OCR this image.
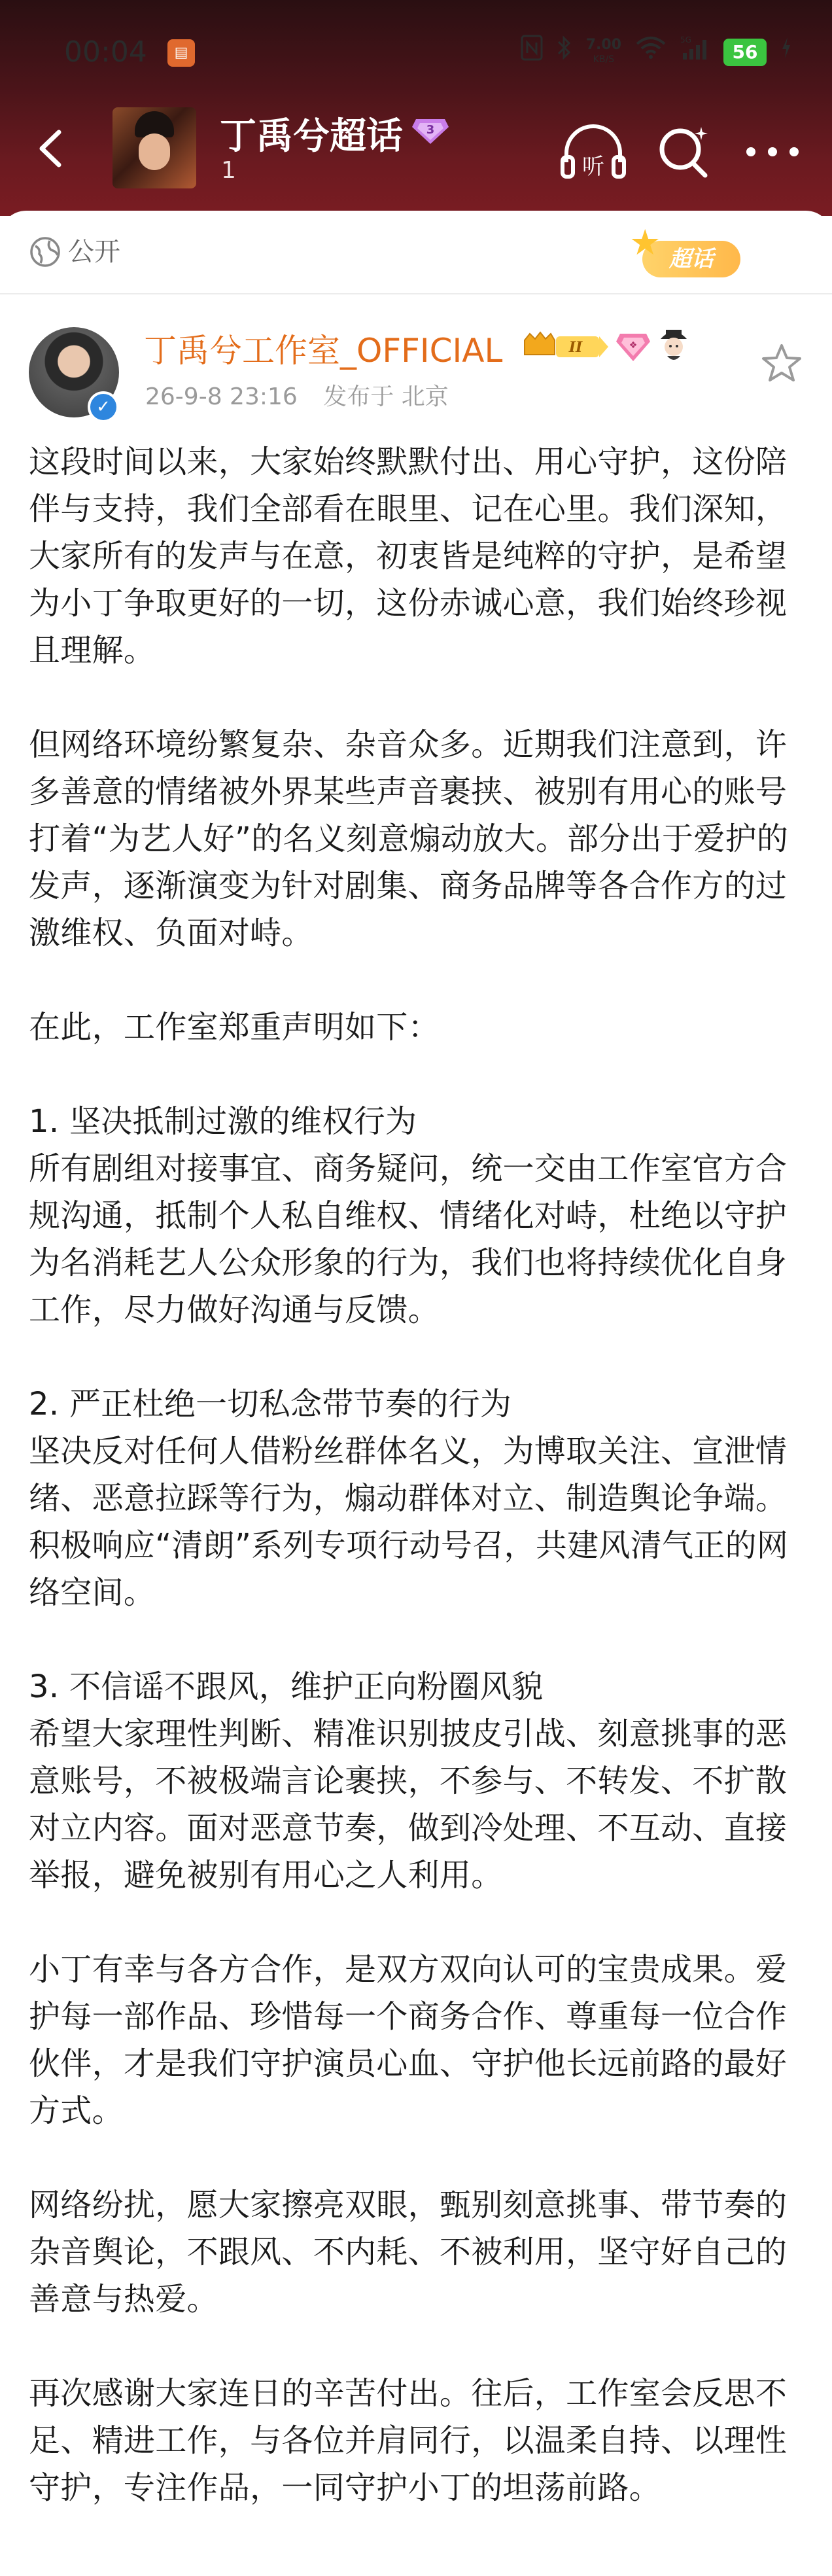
00:04	▤	7.00
KB/S
5G
56
丁禹兮超话 3
1	听
公开	超话
★
✓
丁禹兮工作室_OFFICIAL	II	❖
26-9-8 23:16 发布于 北京

这段时间以来，大家始终默默付出、用心守护，这份陪伴与支持，我们全部看在眼里、记在心里。我们深知，大家所有的发声与在意，初衷皆是纯粹的守护，是希望为小丁争取更好的一切，这份赤诚心意，我们始终珍视且理解。

但网络环境纷繁复杂、杂音众多。近期我们注意到，许多善意的情绪被外界某些声音裹挟、被别有用心的账号打着“为艺人好”的名义刻意煽动放大。部分出于爱护的发声，逐渐演变为针对剧集、商务品牌等各合作方的过激维权、负面对峙。

在此，工作室郑重声明如下：

1. 坚决抵制过激的维权行为
所有剧组对接事宜、商务疑问，统一交由工作室官方合规沟通，抵制个人私自维权、情绪化对峙，杜绝以守护为名消耗艺人公众形象的行为，我们也将持续优化自身工作，尽力做好沟通与反馈。

2. 严正杜绝一切私念带节奏的行为
坚决反对任何人借粉丝群体名义，为博取关注、宣泄情绪、恶意拉踩等行为，煽动群体对立、制造舆论争端。积极响应“清朗”系列专项行动号召，共建风清气正的网络空间。

3. 不信谣不跟风，维护正向粉圈风貌
希望大家理性判断、精准识别披皮引战、刻意挑事的恶意账号，不被极端言论裹挟，不参与、不转发、不扩散对立内容。面对恶意节奏，做到冷处理、不互动、直接举报，避免被别有用心之人利用。

小丁有幸与各方合作，是双方双向认可的宝贵成果。爱护每一部作品、珍惜每一个商务合作、尊重每一位合作伙伴，才是我们守护演员心血、守护他长远前路的最好方式。

网络纷扰，愿大家擦亮双眼，甄别刻意挑事、带节奏的杂音舆论，不跟风、不内耗、不被利用，坚守好自己的善意与热爱。

再次感谢大家连日的辛苦付出。往后，工作室会反思不足、精进工作，与各位并肩同行，以温柔自持、以理性守护，专注作品，一同守护小丁的坦荡前路。
